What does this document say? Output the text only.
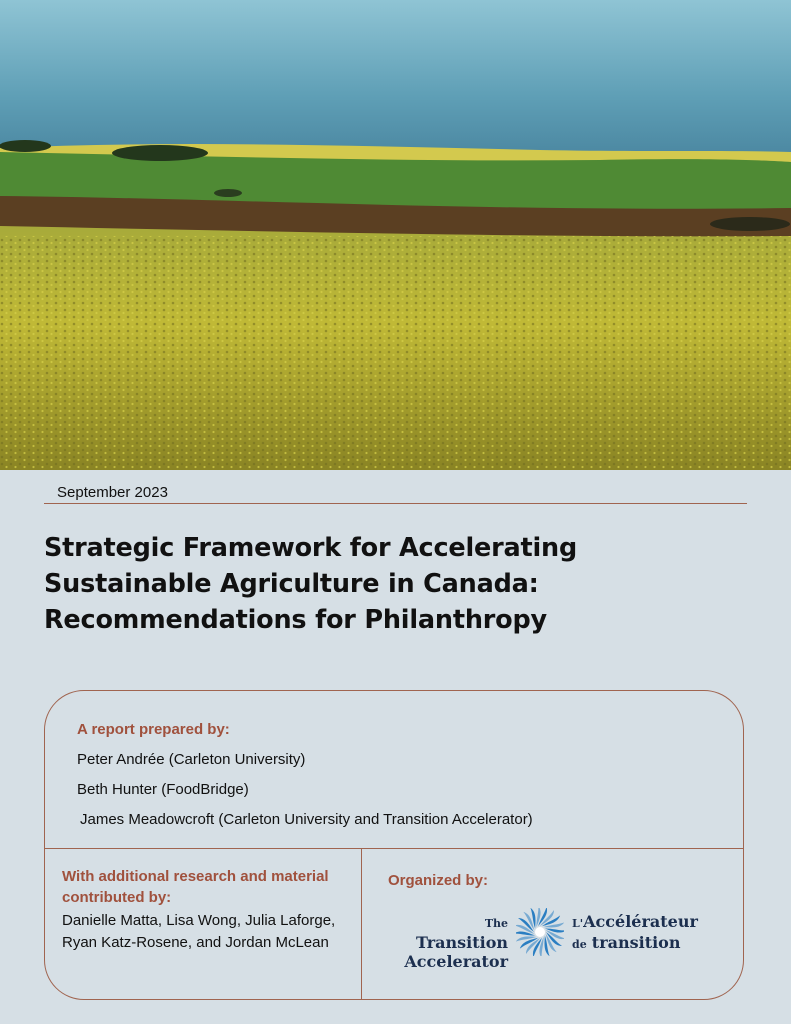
September 2023
Strategic Framework for Accelerating
Sustainable Agriculture in Canada:
Recommendations for Philanthropy
A report prepared by:
Peter Andrée (Carleton University)
Beth Hunter (FoodBridge)
James Meadowcroft (Carleton University and Transition Accelerator)
With additional research and material contributed by:
Danielle Matta, Lisa Wong, Julia Laforge, Ryan Katz-Rosene, and Jordan McLean
Organized by:
The Transition
Accelerator
L'Accélérateur
de transition
